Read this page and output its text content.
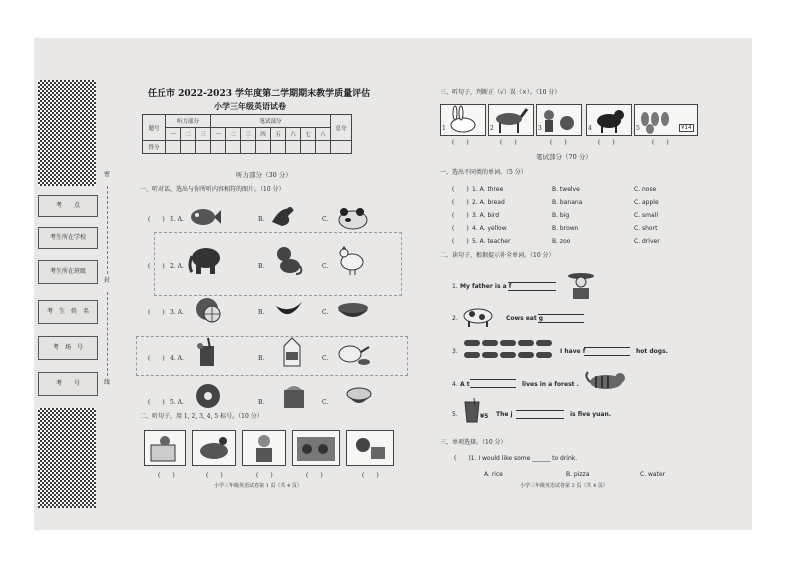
考　　点
考生所在学校
考生所在班级
考　生　姓　名
考　场　号
考　　号
密
封
线
任丘市 2022-2023 学年度第二学期期末教学质量评估
小学三年级英语试卷
题号	听力部分			笔试部分								总分
	一	二	三	一	二	三	四	五	六	七	八	
得分												
听力部分（30 分）
一、听对话，选出与你所听内容相符的图片。（10 分）
(　　) 1. A.	B.	C.
(　　) 2. A.	B.	C.
(　　) 3. A.	B.	C.
(　　) 4. A.	B.	C.
(　　) 5. A.	B.	C.
二、听句子，用 1, 2, 3, 4, 5 标号。（10 分）
(　　)	(　　)	(　　)	(　　)	(　　)
小学三年级英语试卷第 1 页（共 4 页）
三、听句子，判断正（√）误（×）。（10 分）
1	2	3	4	5	¥14
(　　)	(　　)	(　　)	(　　)	(　　)
笔试部分（70 分）
一、选出不同类的单词。（5 分）
(　　) 1. A. three	B. twelve	C. nose
(　　) 2. A. bread	B. banana	C. apple
(　　) 3. A. bird	B. big	C. small
(　　) 4. A. yellow	B. brown	C. short
(　　) 5. A. teacher	B. zoo	C. driver
二、读句子，根据提示补全单词。（10 分）
1. My father is a f
2.	Cows eat g
3.	I have f	hot dogs.
4. A t	lives in a forest .
5.	¥5 The j	is five yuan.
三、单项选择。（10 分）
(　　)1. I would like some ______ to drink.
A. rice	B. pizza	C. water
小学三年级英语试卷第 2 页（共 4 页）
